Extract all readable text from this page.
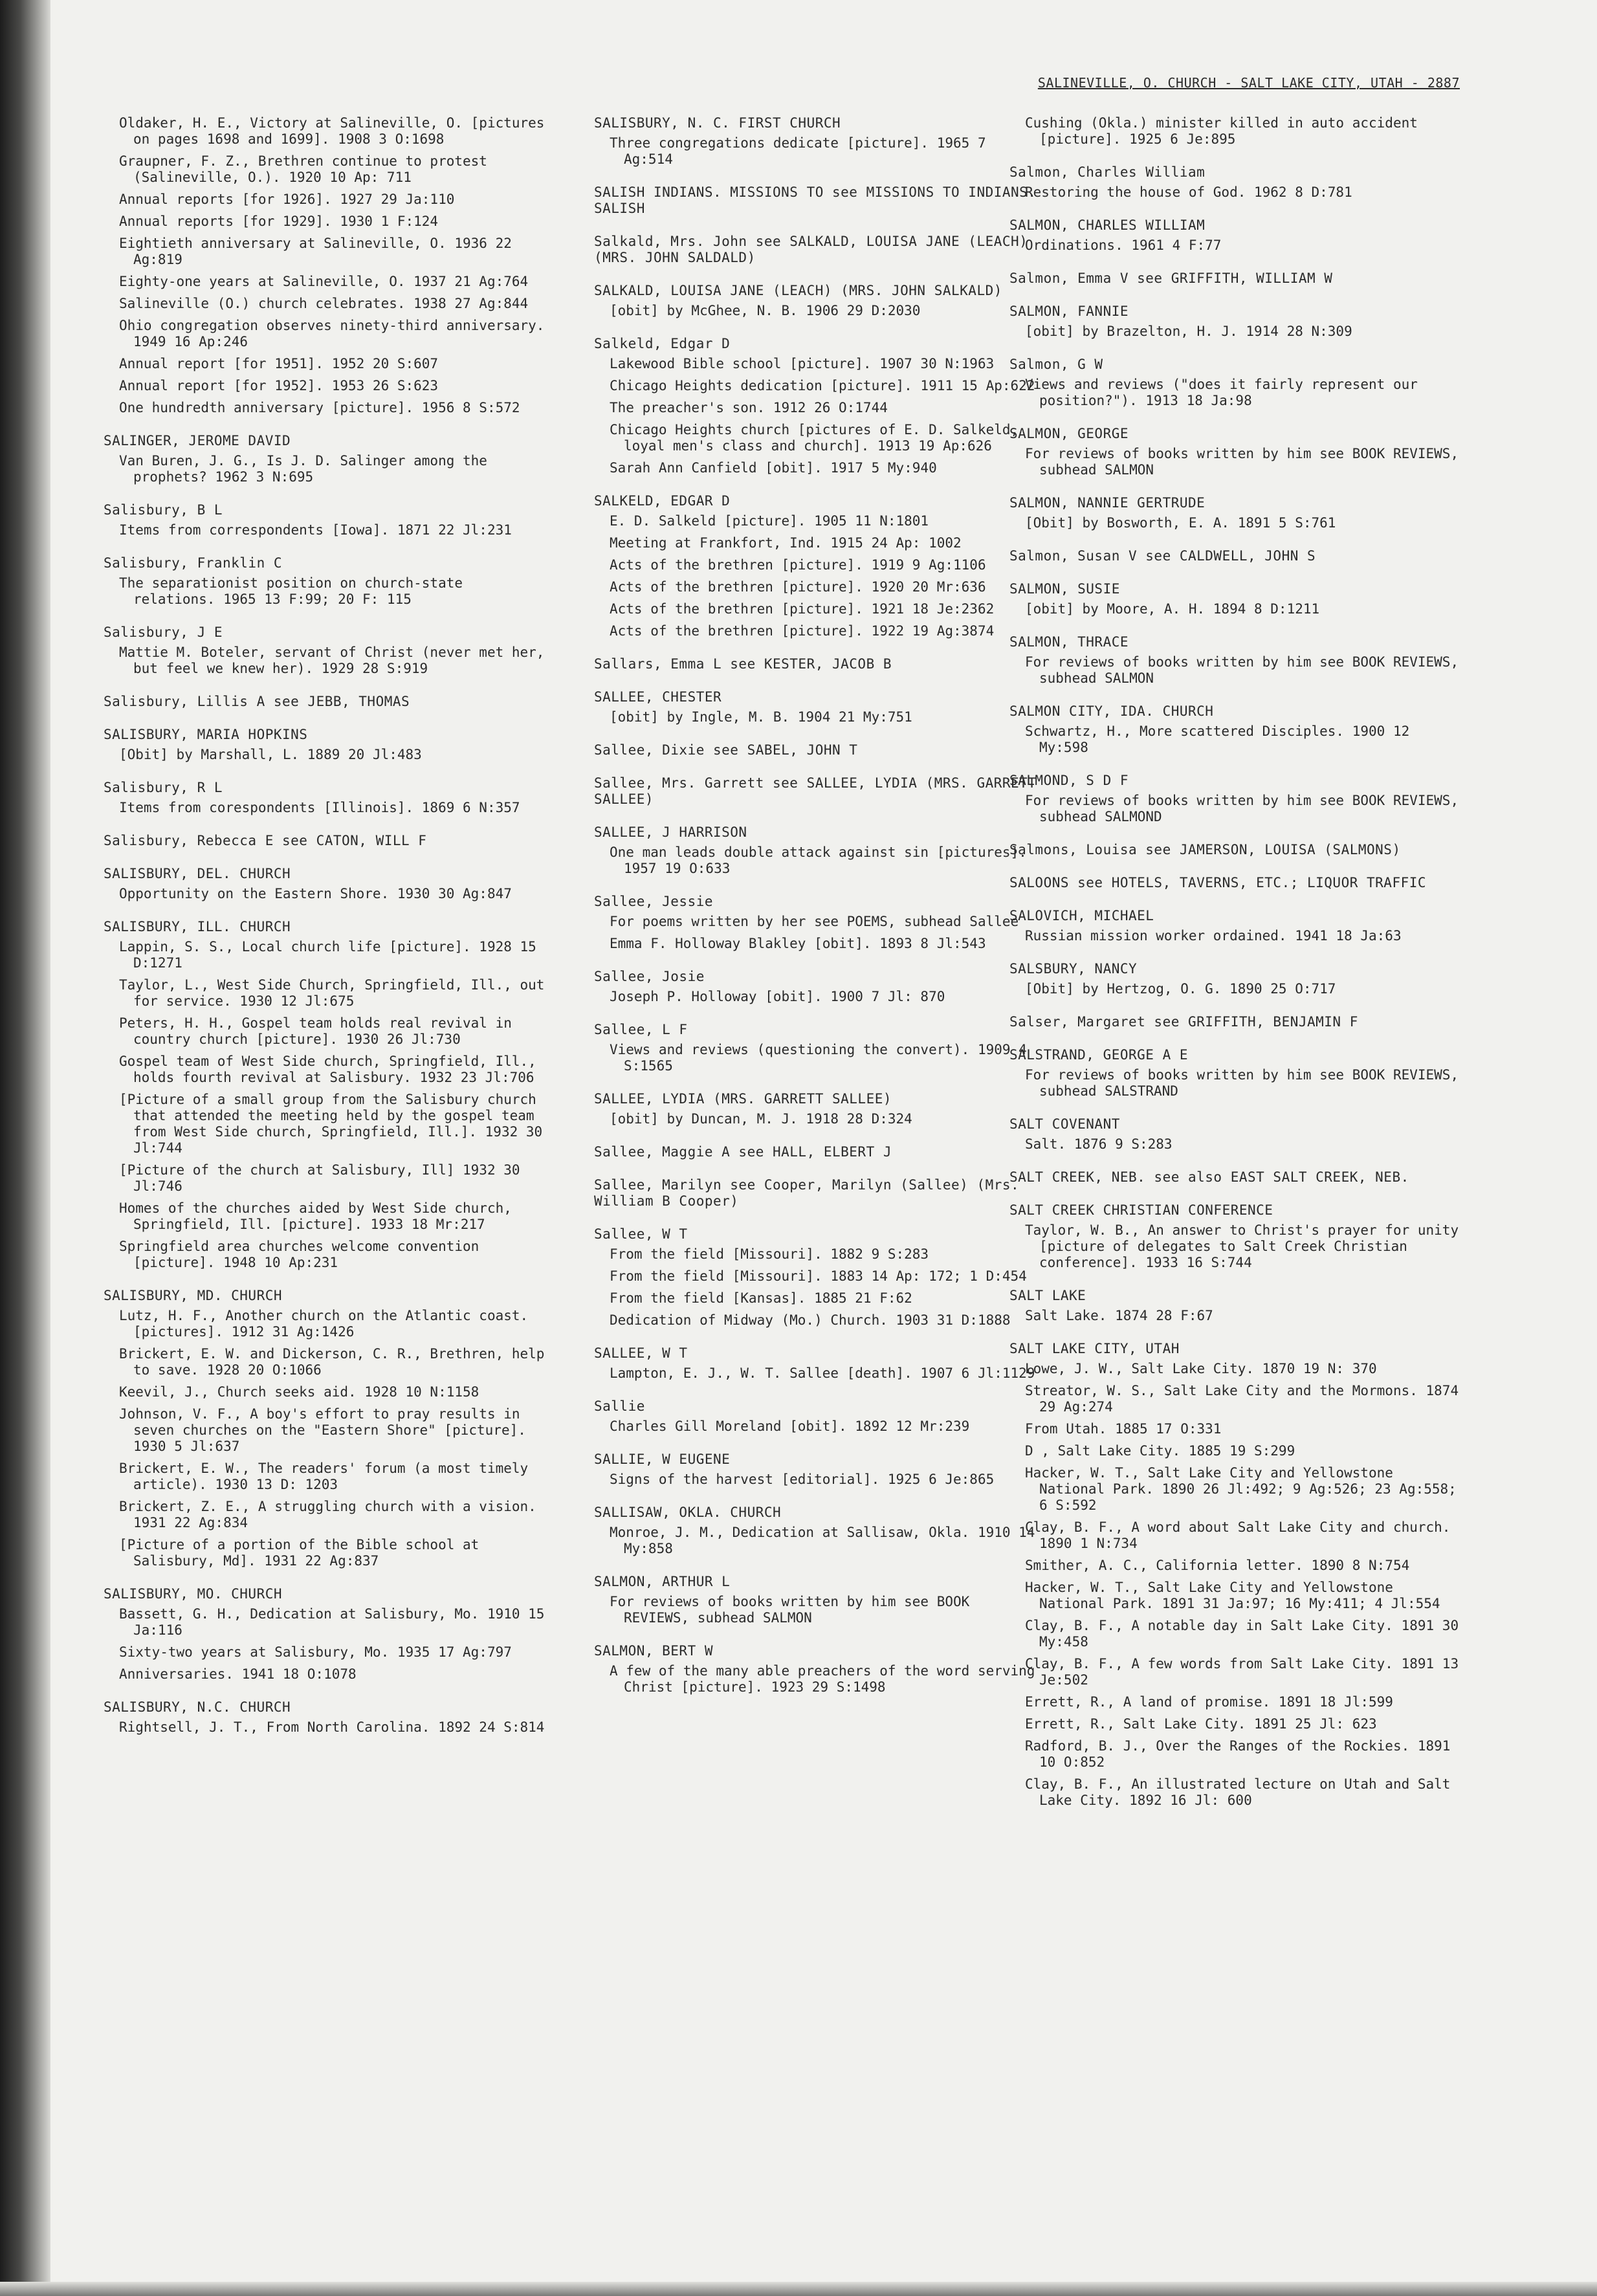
SALINEVILLE, O. CHURCH - SALT LAKE CITY, UTAH - 2887
Oldaker, H. E., Victory at Salineville, O. [pictures on pages 1698 and 1699]. 1908 3 O:1698
Graupner, F. Z., Brethren continue to protest (Salineville, O.). 1920 10 Ap: 711
Annual reports [for 1926]. 1927 29 Ja:110
Annual reports [for 1929]. 1930 1 F:124
Eightieth anniversary at Salineville, O. 1936 22 Ag:819
Eighty-one years at Salineville, O. 1937 21 Ag:764
Salineville (O.) church celebrates. 1938 27 Ag:844
Ohio congregation observes ninety-third anniversary. 1949 16 Ap:246
Annual report [for 1951]. 1952 20 S:607
Annual report [for 1952]. 1953 26 S:623
One hundredth anniversary [picture]. 1956 8 S:572
SALINGER, JEROME DAVID
Van Buren, J. G., Is J. D. Salinger among the prophets? 1962 3 N:695
Salisbury, B L
Items from correspondents [Iowa]. 1871 22 Jl:231
Salisbury, Franklin C
The separationist position on church-state relations. 1965 13 F:99; 20 F: 115
Salisbury, J E
Mattie M. Boteler, servant of Christ (never met her, but feel we knew her). 1929 28 S:919
Salisbury, Lillis A see JEBB, THOMAS
SALISBURY, MARIA HOPKINS
[Obit] by Marshall, L. 1889 20 Jl:483
Salisbury, R L
Items from corespondents [Illinois]. 1869 6 N:357
Salisbury, Rebecca E see CATON, WILL F
SALISBURY, DEL. CHURCH
Opportunity on the Eastern Shore. 1930 30 Ag:847
SALISBURY, ILL. CHURCH
Lappin, S. S., Local church life [picture]. 1928 15 D:1271
Taylor, L., West Side Church, Springfield, Ill., out for service. 1930 12 Jl:675
Peters, H. H., Gospel team holds real revival in country church [picture]. 1930 26 Jl:730
Gospel team of West Side church, Springfield, Ill., holds fourth revival at Salisbury. 1932 23 Jl:706
[Picture of a small group from the Salisbury church that attended the meeting held by the gospel team from West Side church, Springfield, Ill.]. 1932 30 Jl:744
[Picture of the church at Salisbury, Ill] 1932 30 Jl:746
Homes of the churches aided by West Side church, Springfield, Ill. [picture]. 1933 18 Mr:217
Springfield area churches welcome convention [picture]. 1948 10 Ap:231
SALISBURY, MD. CHURCH
Lutz, H. F., Another church on the Atlantic coast. [pictures]. 1912 31 Ag:1426
Brickert, E. W. and Dickerson, C. R., Brethren, help to save. 1928 20 O:1066
Keevil, J., Church seeks aid. 1928 10 N:1158
Johnson, V. F., A boy's effort to pray results in seven churches on the "Eastern Shore" [picture]. 1930 5 Jl:637
Brickert, E. W., The readers' forum (a most timely article). 1930 13 D: 1203
Brickert, Z. E., A struggling church with a vision. 1931 22 Ag:834
[Picture of a portion of the Bible school at Salisbury, Md]. 1931 22 Ag:837
SALISBURY, MO. CHURCH
Bassett, G. H., Dedication at Salisbury, Mo. 1910 15 Ja:116
Sixty-two years at Salisbury, Mo. 1935 17 Ag:797
Anniversaries. 1941 18 O:1078
SALISBURY, N.C. CHURCH
Rightsell, J. T., From North Carolina. 1892 24 S:814
SALISBURY, N. C. FIRST CHURCH
Three congregations dedicate [picture]. 1965 7 Ag:514
SALISH INDIANS. MISSIONS TO see MISSIONS TO INDIANS. SALISH
Salkald, Mrs. John see SALKALD, LOUISA JANE (LEACH) (MRS. JOHN SALDALD)
SALKALD, LOUISA JANE (LEACH) (MRS. JOHN SALKALD)
[obit] by McGhee, N. B. 1906 29 D:2030
Salkeld, Edgar D
Lakewood Bible school [picture]. 1907 30 N:1963
Chicago Heights dedication [picture]. 1911 15 Ap:622
The preacher's son. 1912 26 O:1744
Chicago Heights church [pictures of E. D. Salkeld, loyal men's class and church]. 1913 19 Ap:626
Sarah Ann Canfield [obit]. 1917 5 My:940
SALKELD, EDGAR D
E. D. Salkeld [picture]. 1905 11 N:1801
Meeting at Frankfort, Ind. 1915 24 Ap: 1002
Acts of the brethren [picture]. 1919 9 Ag:1106
Acts of the brethren [picture]. 1920 20 Mr:636
Acts of the brethren [picture]. 1921 18 Je:2362
Acts of the brethren [picture]. 1922 19 Ag:3874
Sallars, Emma L see KESTER, JACOB B
SALLEE, CHESTER
[obit] by Ingle, M. B. 1904 21 My:751
Sallee, Dixie see SABEL, JOHN T
Sallee, Mrs. Garrett see SALLEE, LYDIA (MRS. GARRETT SALLEE)
SALLEE, J HARRISON
One man leads double attack against sin [pictures]. 1957 19 O:633
Sallee, Jessie
For poems written by her see POEMS, subhead Sallee
Emma F. Holloway Blakley [obit]. 1893 8 Jl:543
Sallee, Josie
Joseph P. Holloway [obit]. 1900 7 Jl: 870
Sallee, L F
Views and reviews (questioning the convert). 1909 4 S:1565
SALLEE, LYDIA (MRS. GARRETT SALLEE)
[obit] by Duncan, M. J. 1918 28 D:324
Sallee, Maggie A see HALL, ELBERT J
Sallee, Marilyn see Cooper, Marilyn (Sallee) (Mrs. William B Cooper)
Sallee, W T
From the field [Missouri]. 1882 9 S:283
From the field [Missouri]. 1883 14 Ap: 172; 1 D:454
From the field [Kansas]. 1885 21 F:62
Dedication of Midway (Mo.) Church. 1903 31 D:1888
SALLEE, W T
Lampton, E. J., W. T. Sallee [death]. 1907 6 Jl:1129
Sallie
Charles Gill Moreland [obit]. 1892 12 Mr:239
SALLIE, W EUGENE
Signs of the harvest [editorial]. 1925 6 Je:865
SALLISAW, OKLA. CHURCH
Monroe, J. M., Dedication at Sallisaw, Okla. 1910 14 My:858
SALMON, ARTHUR L
For reviews of books written by him see BOOK REVIEWS, subhead SALMON
SALMON, BERT W
A few of the many able preachers of the word serving Christ [picture]. 1923 29 S:1498
Cushing (Okla.) minister killed in auto accident [picture]. 1925 6 Je:895
Salmon, Charles William
Restoring the house of God. 1962 8 D:781
SALMON, CHARLES WILLIAM
Ordinations. 1961 4 F:77
Salmon, Emma V see GRIFFITH, WILLIAM W
SALMON, FANNIE
[obit] by Brazelton, H. J. 1914 28 N:309
Salmon, G W
Views and reviews ("does it fairly represent our position?"). 1913 18 Ja:98
SALMON, GEORGE
For reviews of books written by him see BOOK REVIEWS, subhead SALMON
SALMON, NANNIE GERTRUDE
[Obit] by Bosworth, E. A. 1891 5 S:761
Salmon, Susan V see CALDWELL, JOHN S
SALMON, SUSIE
[obit] by Moore, A. H. 1894 8 D:1211
SALMON, THRACE
For reviews of books written by him see BOOK REVIEWS, subhead SALMON
SALMON CITY, IDA. CHURCH
Schwartz, H., More scattered Disciples. 1900 12 My:598
SALMOND, S D F
For reviews of books written by him see BOOK REVIEWS, subhead SALMOND
Salmons, Louisa see JAMERSON, LOUISA (SALMONS)
SALOONS see HOTELS, TAVERNS, ETC.; LIQUOR TRAFFIC
SALOVICH, MICHAEL
Russian mission worker ordained. 1941 18 Ja:63
SALSBURY, NANCY
[Obit] by Hertzog, O. G. 1890 25 O:717
Salser, Margaret see GRIFFITH, BENJAMIN F
SALSTRAND, GEORGE A E
For reviews of books written by him see BOOK REVIEWS, subhead SALSTRAND
SALT COVENANT
Salt. 1876 9 S:283
SALT CREEK, NEB. see also EAST SALT CREEK, NEB.
SALT CREEK CHRISTIAN CONFERENCE
Taylor, W. B., An answer to Christ's prayer for unity [picture of delegates to Salt Creek Christian conference]. 1933 16 S:744
SALT LAKE
Salt Lake. 1874 28 F:67
SALT LAKE CITY, UTAH
Lowe, J. W., Salt Lake City. 1870 19 N: 370
Streator, W. S., Salt Lake City and the Mormons. 1874 29 Ag:274
From Utah. 1885 17 O:331
D , Salt Lake City. 1885 19 S:299
Hacker, W. T., Salt Lake City and Yellowstone National Park. 1890 26 Jl:492; 9 Ag:526; 23 Ag:558; 6 S:592
Clay, B. F., A word about Salt Lake City and church. 1890 1 N:734
Smither, A. C., California letter. 1890 8 N:754
Hacker, W. T., Salt Lake City and Yellowstone National Park. 1891 31 Ja:97; 16 My:411; 4 Jl:554
Clay, B. F., A notable day in Salt Lake City. 1891 30 My:458
Clay, B. F., A few words from Salt Lake City. 1891 13 Je:502
Errett, R., A land of promise. 1891 18 Jl:599
Errett, R., Salt Lake City. 1891 25 Jl: 623
Radford, B. J., Over the Ranges of the Rockies. 1891 10 O:852
Clay, B. F., An illustrated lecture on Utah and Salt Lake City. 1892 16 Jl: 600
